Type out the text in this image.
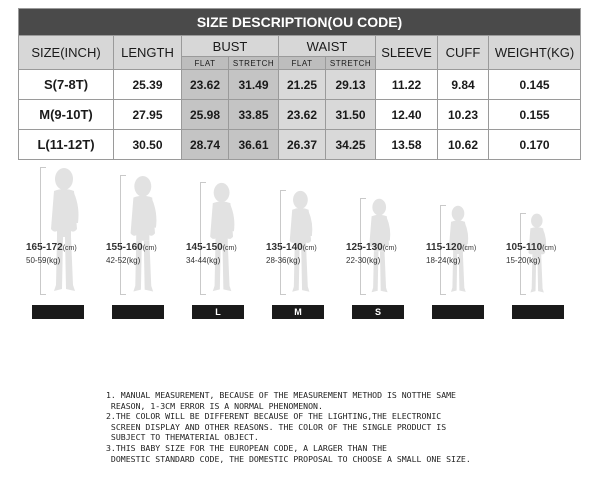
SIZE DESCRIPTION(OU CODE)								
SIZE(INCH)	LENGTH	BUST		WAIST		SLEEVE	CUFF	WEIGHT(KG)
		FLAT	STRETCH	FLAT	STRETCH			
S(7-8T)	25.39	23.62	31.49	21.25	29.13	11.22	9.84	0.145
M(9-10T)	27.95	25.98	33.85	23.62	31.50	12.40	10.23	0.155
L(11-12T)	30.50	28.74	36.61	26.37	34.25	13.58	10.62	0.170
165-172(cm)
50-59(kg)
155-160(cm)
42-52(kg)
145-150(cm)
34-44(kg)
L
135-140(cm)
28-36(kg)
M
125-130(cm)
22-30(kg)
S
115-120(cm)
18-24(kg)
105-110(cm)
15-20(kg)

1. MANUAL MEASUREMENT, BECAUSE OF THE MEASUREMENT METHOD IS NOTTHE SAME
REASON, 1-3CM ERROR IS A NORMAL PHENOMENON.

2.THE COLOR WILL BE DIFFERENT BECAUSE OF THE LIGHTING,THE ELECTRONIC
SCREEN DISPLAY AND OTHER REASONS. THE COLOR OF THE SINGLE PRODUCT IS
SUBJECT TO THEMATERIAL OBJECT.

3.THIS BABY SIZE FOR THE EUROPEAN CODE, A LARGER THAN THE
DOMESTIC STANDARD CODE, THE DOMESTIC PROPOSAL TO CHOOSE A SMALL ONE SIZE.
